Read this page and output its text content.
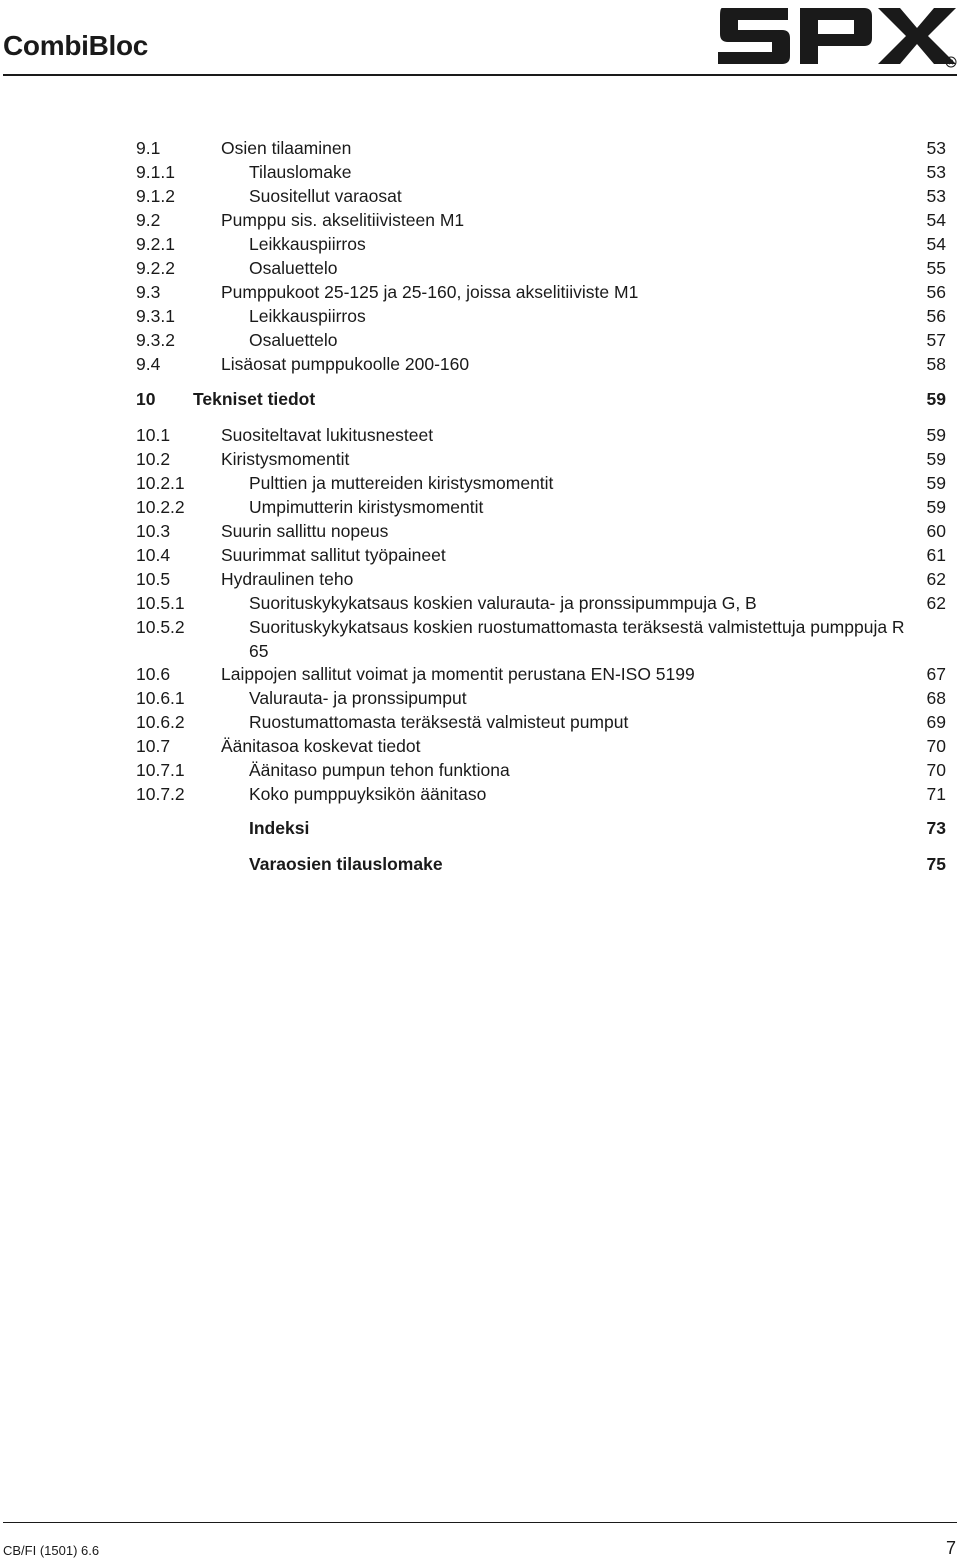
CombiBloc
R
9.1	Osien tilaaminen	53
9.1.1	Tilauslomake	53
9.1.2	Suositellut varaosat	53
9.2	Pumppu sis. akselitiivisteen M1	54
9.2.1	Leikkauspiirros	54
9.2.2	Osaluettelo	55
9.3	Pumppukoot 25-125 ja 25-160, joissa akselitiiviste M1	56
9.3.1	Leikkauspiirros	56
9.3.2	Osaluettelo	57
9.4	Lisäosat pumppukoolle 200-160	58
10 Tekniset tiedot	59
10.1	Suositeltavat lukitusnesteet	59
10.2	Kiristysmomentit	59
10.2.1	Pulttien ja muttereiden kiristysmomentit	59
10.2.2	Umpimutterin kiristysmomentit	59
10.3	Suurin sallittu nopeus	60
10.4	Suurimmat sallitut työpaineet	61
10.5	Hydraulinen teho	62
10.5.1	Suorituskykykatsaus koskien valurauta- ja pronssipummpuja G, B	62
10.5.2	Suorituskykykatsaus koskien ruostumattomasta teräksestä valmistettuja pumppuja R
65
10.6	Laippojen sallitut voimat ja momentit perustana EN-ISO 5199	67
10.6.1	Valurauta- ja pronssipumput	68
10.6.2	Ruostumattomasta teräksestä valmisteut pumput	69
10.7	Äänitasoa koskevat tiedot	70
10.7.1	Äänitaso pumpun tehon funktiona	70
10.7.2	Koko pumppuyksikön äänitaso	71
Indeksi	73
Varaosien tilauslomake	75
CB/FI (1501) 6.6	7
